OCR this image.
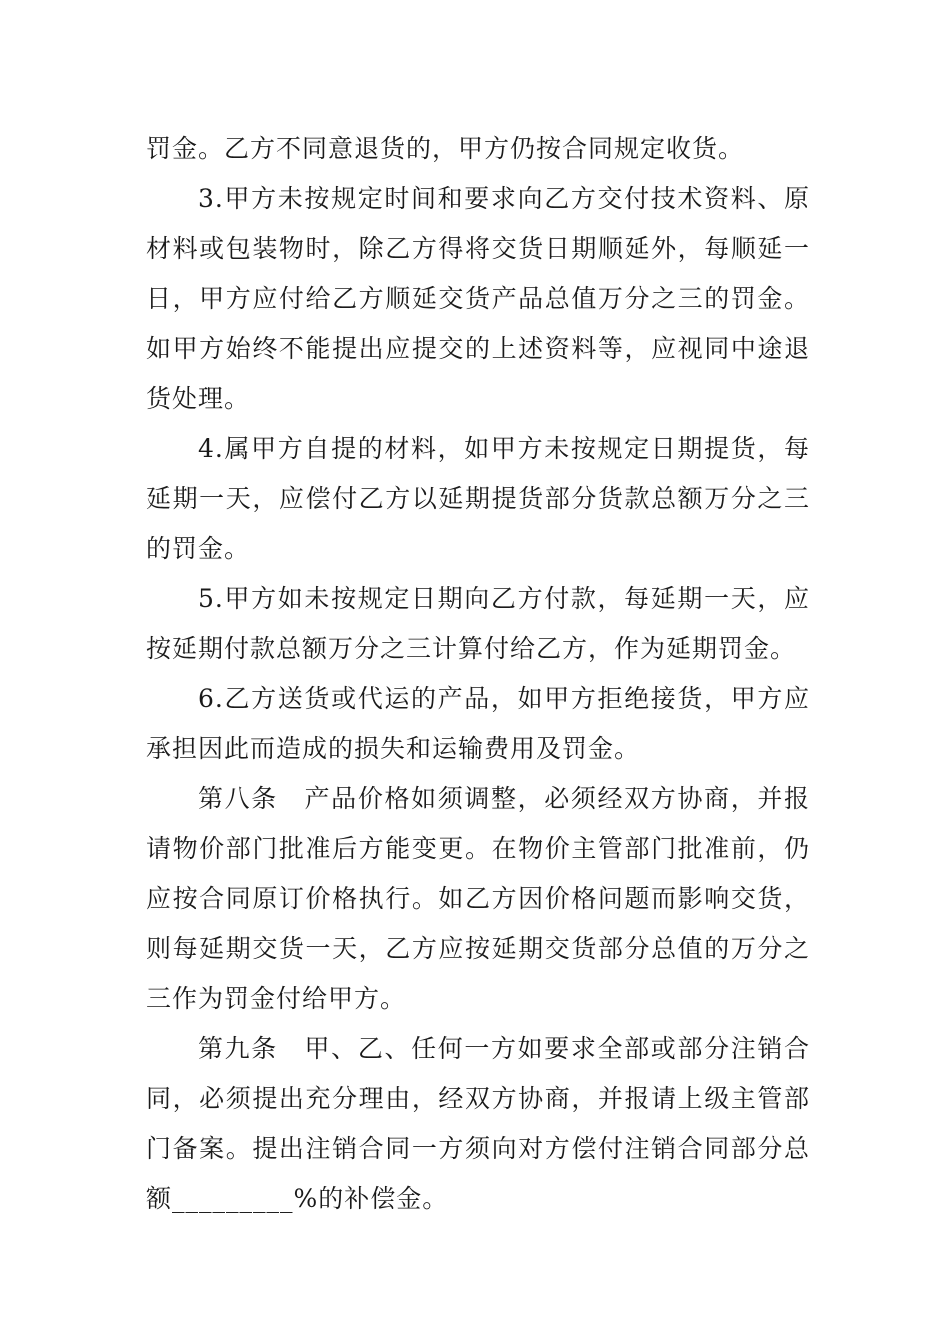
罚金。乙方不同意退货的，甲方仍按合同规定收货。

3.甲方未按规定时间和要求向乙方交付技术资料、原材料或包装物时，除乙方得将交货日期顺延外，每顺延一日，甲方应付给乙方顺延交货产品总值万分之三的罚金。如甲方始终不能提出应提交的上述资料等，应视同中途退货处理。

4.属甲方自提的材料，如甲方未按规定日期提货，每延期一天，应偿付乙方以延期提货部分货款总额万分之三的罚金。

5.甲方如未按规定日期向乙方付款，每延期一天，应按延期付款总额万分之三计算付给乙方，作为延期罚金。

6.乙方送货或代运的产品，如甲方拒绝接货，甲方应承担因此而造成的损失和运输费用及罚金。

第八条　产品价格如须调整，必须经双方协商，并报请物价部门批准后方能变更。在物价主管部门批准前，仍应按合同原订价格执行。如乙方因价格问题而影响交货，则每延期交货一天，乙方应按延期交货部分总值的万分之三作为罚金付给甲方。

第九条　甲、乙、任何一方如要求全部或部分注销合同，必须提出充分理由，经双方协商，并报请上级主管部门备案。提出注销合同一方须向对方偿付注销合同部分总额_________%的补偿金。
